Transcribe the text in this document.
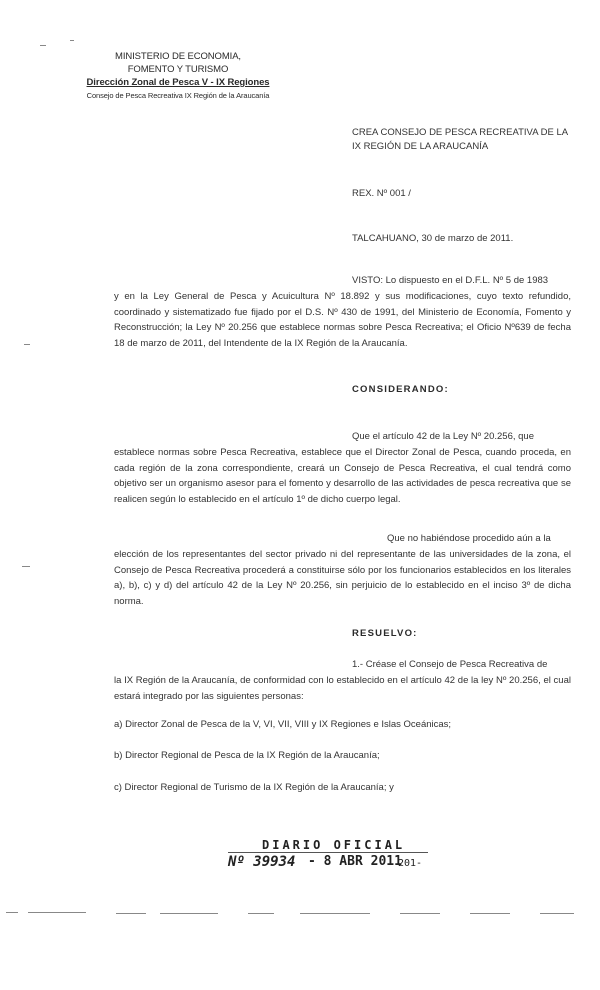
MINISTERIO DE ECONOMIA,
FOMENTO Y TURISMO
Dirección Zonal de Pesca V - IX Regiones
Consejo de Pesca Recreativa IX Región de la Araucanía
CREA CONSEJO DE PESCA RECREATIVA DE LA
IX REGIÓN DE LA ARAUCANÍA
REX. Nº 001 /
TALCAHUANO, 30 de marzo de 2011.
VISTO: Lo dispuesto en el D.F.L. Nº 5 de 1983
y en la Ley General de Pesca y Acuicultura Nº 18.892 y sus modificaciones, cuyo texto refundido, coordinado y sistematizado fue fijado por el D.S. Nº 430 de 1991, del Ministerio de Economía, Fomento y Reconstrucción; la Ley Nº 20.256 que establece normas sobre Pesca Recreativa; el Oficio Nº639 de fecha 18 de marzo de 2011, del Intendente de la IX Región de la Araucanía.
CONSIDERANDO:
Que el artículo 42 de la Ley Nº 20.256, que
establece normas sobre Pesca Recreativa, establece que el Director Zonal de Pesca, cuando proceda, en cada región de la zona correspondiente, creará un Consejo de Pesca Recreativa, el cual tendrá como objetivo ser un organismo asesor para el fomento y desarrollo de las actividades de pesca recreativa que se realicen según lo establecido en el artículo 1º de dicho cuerpo legal.
Que no habiéndose procedido aún a la
elección de los representantes del sector privado ni del representante de las universidades de la zona, el Consejo de Pesca Recreativa procederá a constituirse sólo por los funcionarios establecidos en los literales a), b), c) y d) del artículo 42 de la Ley Nº 20.256, sin perjuicio de lo establecido en el inciso 3º de dicha norma.
RESUELVO:
1.- Créase el Consejo de Pesca Recreativa de
la IX Región de la Araucanía, de conformidad con lo establecido en el artículo 42 de la ley Nº 20.256, el cual estará integrado por las siguientes personas:
a) Director Zonal de Pesca de la V, VI, VII, VIII y IX Regiones e Islas Oceánicas;
b) Director Regional de Pesca de la IX Región de la Araucanía;
c) Director Regional de Turismo de la IX Región de la Araucanía; y
DIARIO OFICIAL
Nº 39934 - 8 ABR 2011
201-
